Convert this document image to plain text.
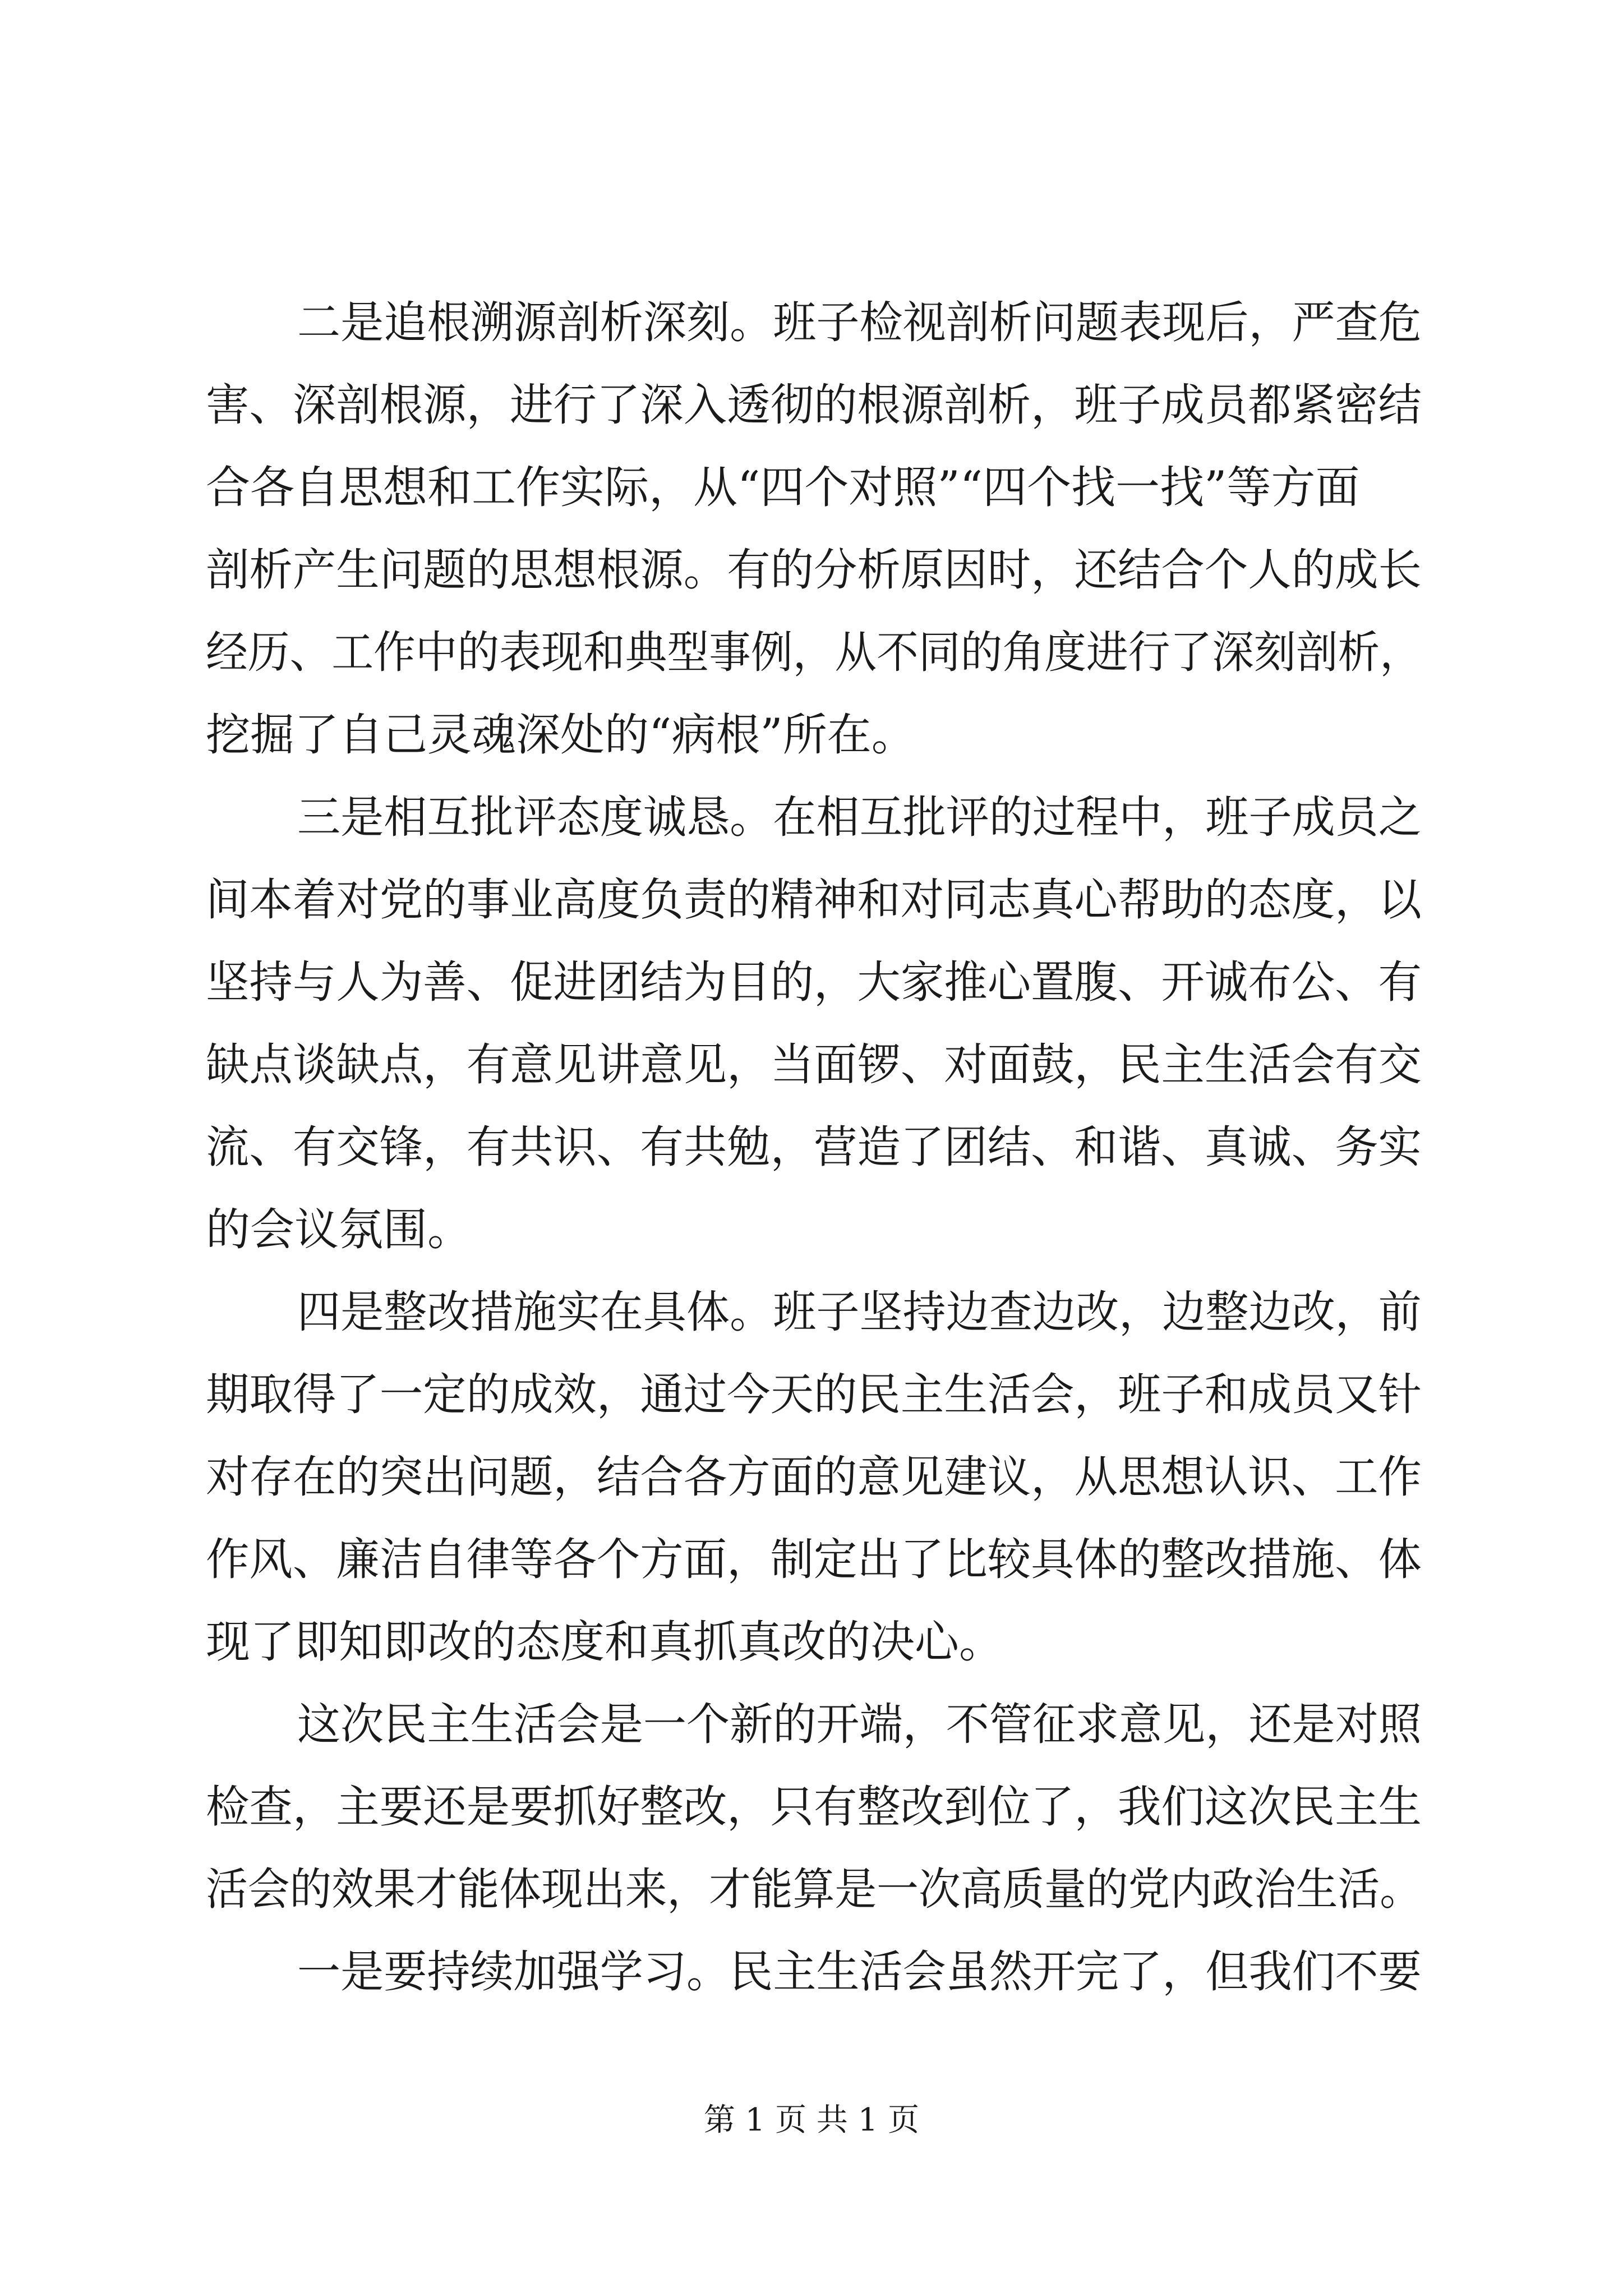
二是追根溯源剖析深刻。班子检视剖析问题表现后，严查危

害、深剖根源，进行了深入透彻的根源剖析，班子成员都紧密结

合各自思想和工作实际，从“四个对照”“四个找一找”等方面

剖析产生问题的思想根源。有的分析原因时，还结合个人的成长

经历、工作中的表现和典型事例，从不同的角度进行了深刻剖析，

挖掘了自己灵魂深处的“病根”所在。

三是相互批评态度诚恳。在相互批评的过程中，班子成员之

间本着对党的事业高度负责的精神和对同志真心帮助的态度，以

坚持与人为善、促进团结为目的，大家推心置腹、开诚布公、有

缺点谈缺点，有意见讲意见，当面锣、对面鼓，民主生活会有交

流、有交锋，有共识、有共勉，营造了团结、和谐、真诚、务实

的会议氛围。

四是整改措施实在具体。班子坚持边查边改，边整边改，前

期取得了一定的成效，通过今天的民主生活会，班子和成员又针

对存在的突出问题，结合各方面的意见建议，从思想认识、工作

作风、廉洁自律等各个方面，制定出了比较具体的整改措施、体

现了即知即改的态度和真抓真改的决心。

这次民主生活会是一个新的开端，不管征求意见，还是对照

检查，主要还是要抓好整改，只有整改到位了，我们这次民主生

活会的效果才能体现出来，才能算是一次高质量的党内政治生活。

一是要持续加强学习。民主生活会虽然开完了，但我们不要

第 1 页 共 1 页
